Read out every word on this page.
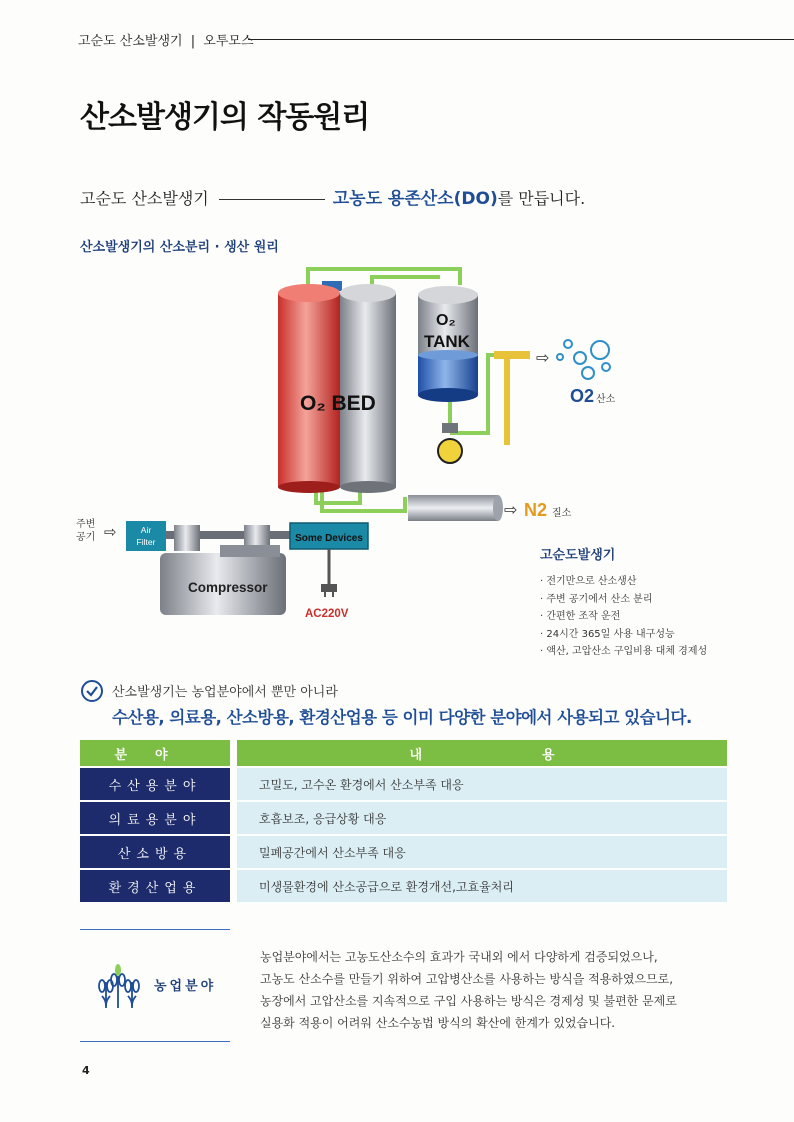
고순도 산소발생기 | 오투모스
산소발생기의 작동원리
고순도 산소발생기	고농도 용존산소(DO)를 만듭니다.
산소발생기의 산소분리 · 생산 원리
O₂ BED
O₂
TANK
⇨
O2 산소
⇨ N2 질소
주변
공기 ⇨	Air
Filter
Compressor
Some Devices
AC220V
고순도발생기
· 전기만으로 산소생산
· 주변 공기에서 산소 분리
· 간편한 조작 운전
· 24시간 365일 사용 내구성능
· 액산, 고압산소 구입비용 대체 경제성
산소발생기는 농업분야에서 뿐만 아니라
수산용, 의료용, 산소방용, 환경산업용 등 이미 다양한 분야에서 사용되고 있습니다.
분야	내용
수산용분야	고밀도, 고수온 환경에서 산소부족 대응
의료용분야	호흡보조, 응급상황 대응
산소방용	밀폐공간에서 산소부족 대응
환경산업용	미생물환경에 산소공급으로 환경개선,고효율처리
농업분야

농업분야에서는 고농도산소수의 효과가 국내외 에서 다양하게 검증되었으나,

고농도 산소수를 만들기 위하여 고압병산소를 사용하는 방식을 적용하였으므로,

농장에서 고압산소를 지속적으로 구입 사용하는 방식은 경제성 및 불편한 문제로

실용화 적용이 어려워 산소수농법 방식의 확산에 한계가 있었습니다.

4
